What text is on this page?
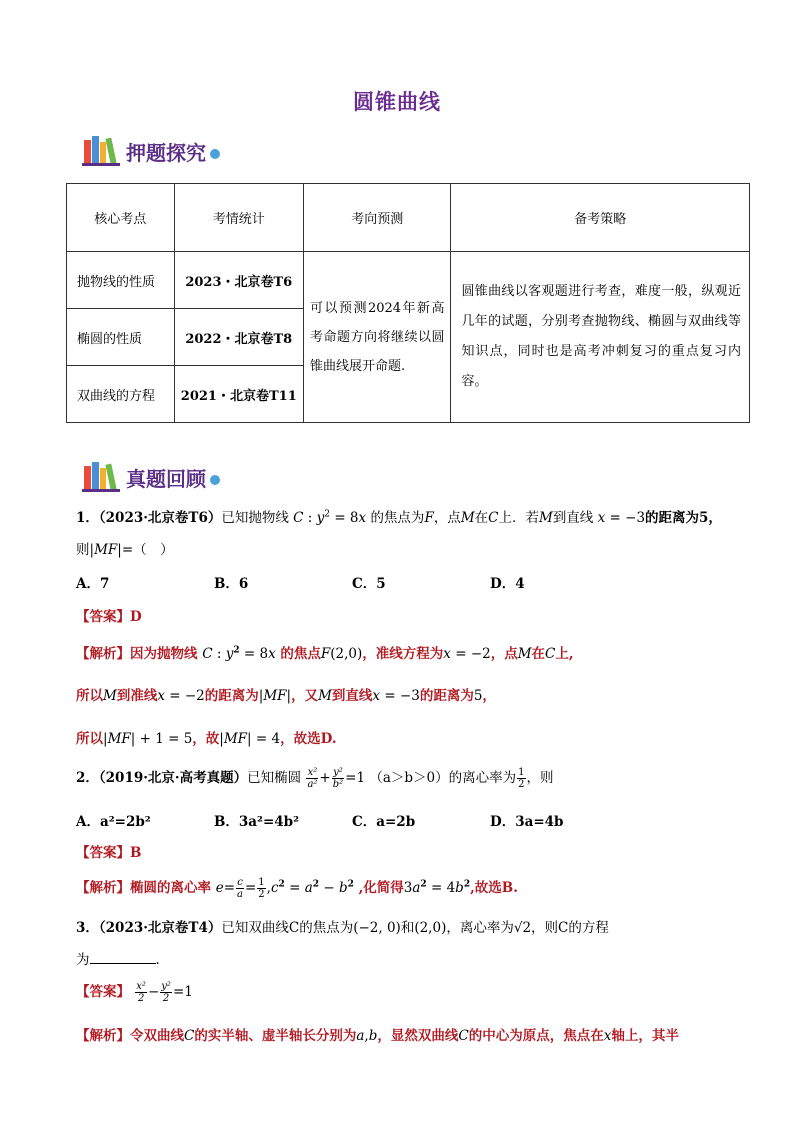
圆锥曲线
押题探究
核心考点	考情统计	考向预测	备考策略
抛物线的性质	2023・北京卷T6	可以预测2024年新高考命题方向将继续以圆锥曲线展开命题.	圆锥曲线以客观题进行考查，难度一般，纵观近几年的试题，分别考查抛物线、椭圆与双曲线等知识点，同时也是高考冲刺复习的重点复习内容。
椭圆的性质	2022・北京卷T8		
双曲线的方程	2021・北京卷T11		
真题回顾
1．（2023·北京卷T6）已知抛物线 C : $y^2 = 8x$ 的焦点为F，点M在C上．若M到直线 x = −3的距离为5，
则|MF|=（　）
A．7	B．6	C．5	D．4
【答案】D
【解析】因为抛物线 C : $y^2 = 8x$ 的焦点F(2,0)，准线方程为x = −2，点M在C上,
所以M到准线x = −2的距离为|MF|，又M到直线x = −3的距离为5，
所以|MF| + 1 = 5，故|MF| = 4，故选D.
2．（2019·北京·高考真题）已知椭圆 $\frac{\text{x²}}{\text{a²}} + \frac{\text{y²}}{\text{b²}} =1$ （a＞b＞0）的离心率为 $\frac{1}{2}$ ，则
A．a²=2b²	B．3a²=4b²	C．a=2b	D．3a=4b
【答案】B
【解析】椭圆的离心率 $e= \frac{c}{a} = \frac{1}{2} ,c^2 = a^2 - b^2$ ,化简得$3a^2 = 4b^2$,故选B.
3．（2023·北京卷T4）已知双曲线C的焦点为(−2, 0)和(2,0)，离心率为√2，则C的方程
为	．
【答案】 $\frac{\text{x²}}{2} - \frac{\text{y²}}{2} =1$
【解析】令双曲线C的实半轴、虚半轴长分别为a,b，显然双曲线C的中心为原点，焦点在x轴上，其半
